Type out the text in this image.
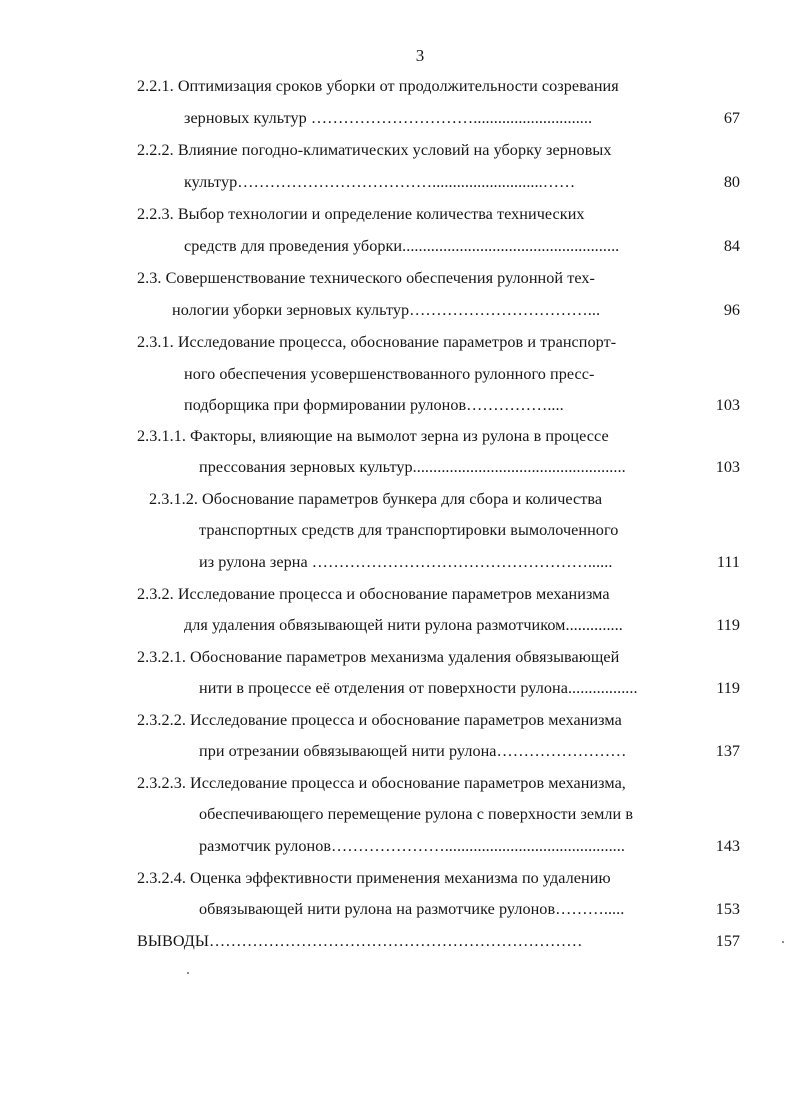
3
2.2.1. Оптимизация сроков уборки от продолжительности созревания
зерновых культур ………………………….............................	67
2.2.2. Влияние погодно-климатических условий на уборку зерновых
культур………………………………...........................……	80
2.2.3. Выбор технологии и определение количества технических
средств для проведения уборки.....................................................	84
2.3. Совершенствование технического обеспечения рулонной тех-
нологии уборки зерновых культур……………………………...	96
2.3.1. Исследование процесса, обоснование параметров и транспорт-
ного обеспечения усовершенствованного рулонного пресс-
подборщика при формировании рулонов……………....	103
2.3.1.1. Факторы, влияющие на вымолот зерна из рулона в процессе
прессования зерновых культур....................................................	103
2.3.1.2. Обоснование параметров бункера для сбора и количества
транспортных средств для транспортировки вымолоченного
из рулона зерна ……………………………………………......	111
2.3.2. Исследование процесса и обоснование параметров механизма
для удаления обвязывающей нити рулона размотчиком..............	119
2.3.2.1. Обоснование параметров механизма удаления обвязывающей
нити в процессе её отделения от поверхности рулона.................	119
2.3.2.2. Исследование процесса и обоснование параметров механизма
при отрезании обвязывающей нити рулона……………………	137
2.3.2.3. Исследование процесса и обоснование параметров механизма,
обеспечивающего перемещение рулона с поверхности земли в
размотчик рулонов…………………............................................	143
2.3.2.4. Оценка эффективности применения механизма по удалению
обвязывающей нити рулона на размотчике рулонов……….....	153
ВЫВОДЫ……………………………………………………………	157
